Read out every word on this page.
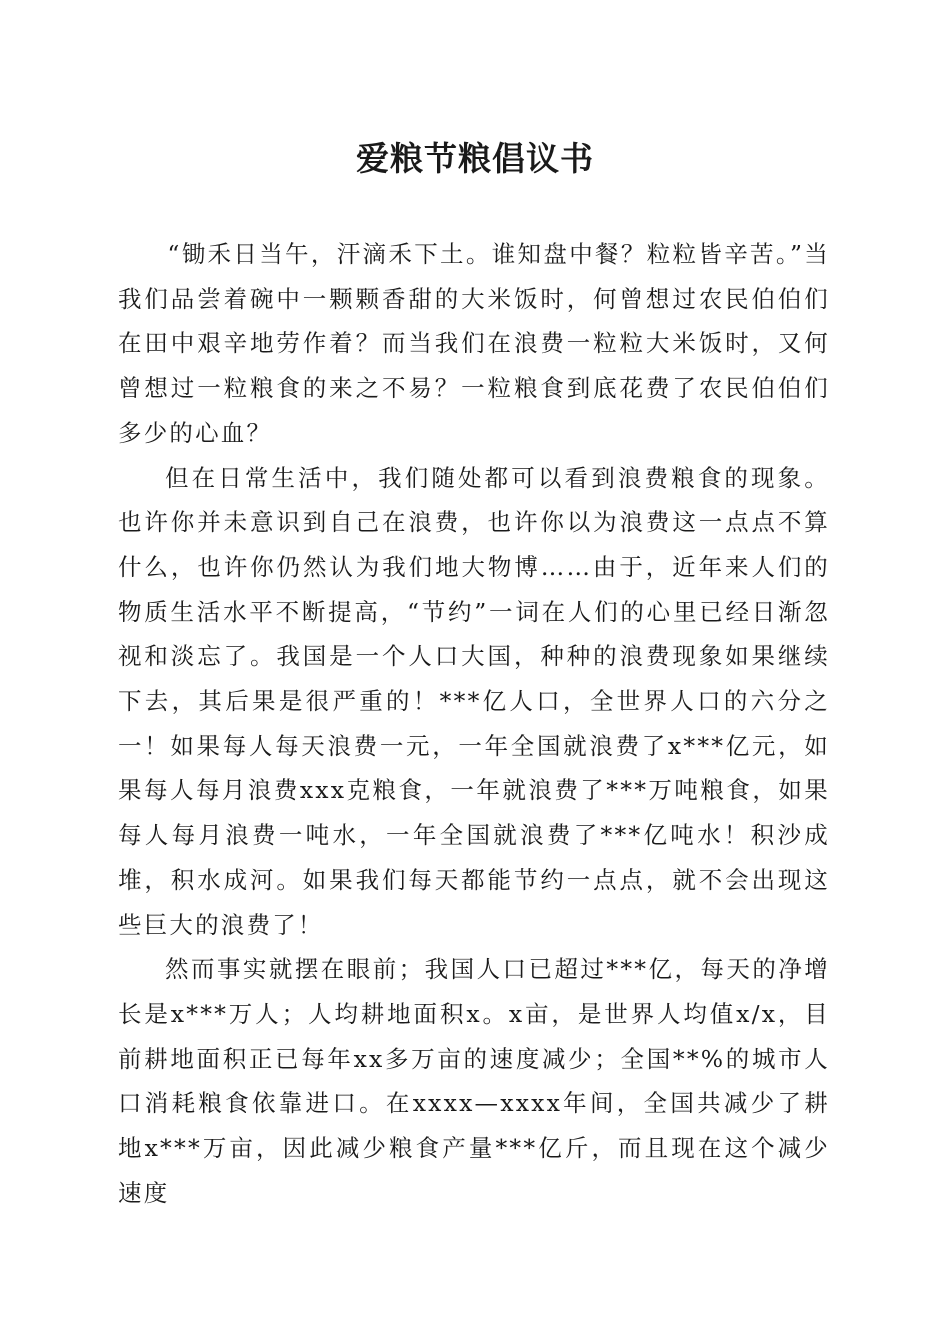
爱粮节粮倡议书

“锄禾日当午，汗滴禾下土。谁知盘中餐？粒粒皆辛苦。”当我们品尝着碗中一颗颗香甜的大米饭时，何曾想过农民伯伯们在田中艰辛地劳作着？而当我们在浪费一粒粒大米饭时，又何曾想过一粒粮食的来之不易？一粒粮食到底花费了农民伯伯们多少的心血？

但在日常生活中，我们随处都可以看到浪费粮食的现象。也许你并未意识到自己在浪费，也许你以为浪费这一点点不算什么，也许你仍然认为我们地大物博……由于，近年来人们的物质生活水平不断提高，“节约”一词在人们的心里已经日渐忽视和淡忘了。我国是一个人口大国，种种的浪费现象如果继续下去，其后果是很严重的！***亿人口，全世界人口的六分之一！如果每人每天浪费一元，一年全国就浪费了x***亿元，如果每人每月浪费xxx克粮食，一年就浪费了***万吨粮食，如果每人每月浪费一吨水，一年全国就浪费了***亿吨水！积沙成堆，积水成河。如果我们每天都能节约一点点，就不会出现这些巨大的浪费了！

然而事实就摆在眼前；我国人口已超过***亿，每天的净增长是x***万人；人均耕地面积x。x亩，是世界人均值x/x，目前耕地面积正已每年xx多万亩的速度减少；全国**%的城市人口消耗粮食依靠进口。在xxxx—xxxx年间，全国共减少了耕地x***万亩，因此减少粮食产量***亿斤，而且现在这个减少速度
